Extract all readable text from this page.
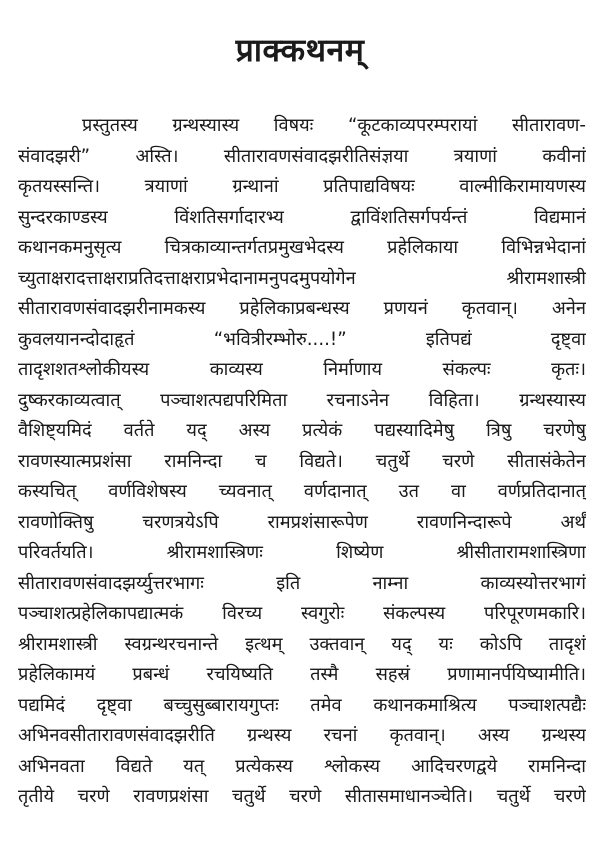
प्राक्कथनम्
प्रस्तुतस्य ग्रन्थस्यास्य विषयः “कूटकाव्यपरम्परायां सीतारावण-
संवादझरी” अस्ति। सीतारावणसंवादझरीतिसंज्ञया त्रयाणां कवीनां
कृतयस्सन्ति। त्रयाणां ग्रन्थानां प्रतिपाद्यविषयः वाल्मीकिरामायणस्य
सुन्दरकाण्डस्य विंशतिसर्गादारभ्य द्वाविंशतिसर्गपर्यन्तं विद्यमानं
कथानकमनुसृत्य चित्रकाव्यान्तर्गतप्रमुखभेदस्य प्रहेलिकाया विभिन्नभेदानां
च्युताक्षरादत्ताक्षराप्रतिदत्ताक्षराप्रभेदानामनुपदमुपयोगेन श्रीरामशास्त्री
सीतारावणसंवादझरीनामकस्य प्रहेलिकाप्रबन्धस्य प्रणयनं कृतवान्। अनेन
कुवलयानन्दोदाहृतं “भवित्रीरम्भोरु....!” इतिपद्यं दृष्ट्वा
तादृशशतश्लोकीयस्य काव्यस्य निर्माणाय संकल्पः कृतः।
दुष्करकाव्यत्वात् पञ्चाशत्पद्यपरिमिता रचनाऽनेन विहिता। ग्रन्थस्यास्य
वैशिष्ट्यमिदं वर्तते यद् अस्य प्रत्येकं पद्यस्यादिमेषु त्रिषु चरणेषु
रावणस्यात्मप्रशंसा रामनिन्दा च विद्यते। चतुर्थे चरणे सीतासंकेतेन
कस्यचित् वर्णविशेषस्य च्यवनात् वर्णदानात् उत वा वर्णप्रतिदानात्
रावणोक्तिषु चरणत्रयेऽपि रामप्रशंसारूपेण रावणनिन्दारूपे अर्थं
परिवर्तयति। श्रीरामशास्त्रिणः शिष्येण श्रीसीतारामशास्त्रिणा
सीतारावणसंवादझर्य्युत्तरभागः इति नाम्ना काव्यस्योत्तरभागं
पञ्चाशत्प्रहेलिकापद्यात्मकं विरच्य स्वगुरोः संकल्पस्य परिपूरणमकारि।
श्रीरामशास्त्री स्वग्रन्थरचनान्ते इत्थम् उक्तवान् यद् यः कोऽपि तादृशं
प्रहेलिकामयं प्रबन्धं रचयिष्यति तस्मै सहस्रं प्रणामानर्पयिष्यामीति।
पद्यमिदं दृष्ट्वा बच्चुसुब्बारायगुप्तः तमेव कथानकमाश्रित्य पञ्चाशत्पद्यैः
अभिनवसीतारावणसंवादझरीति ग्रन्थस्य रचनां कृतवान्। अस्य ग्रन्थस्य
अभिनवता विद्यते यत् प्रत्येकस्य श्लोकस्य आदिचरणद्वये रामनिन्दा
तृतीये चरणे रावणप्रशंसा चतुर्थे चरणे सीतासमाधानञ्चेति। चतुर्थे चरणे
